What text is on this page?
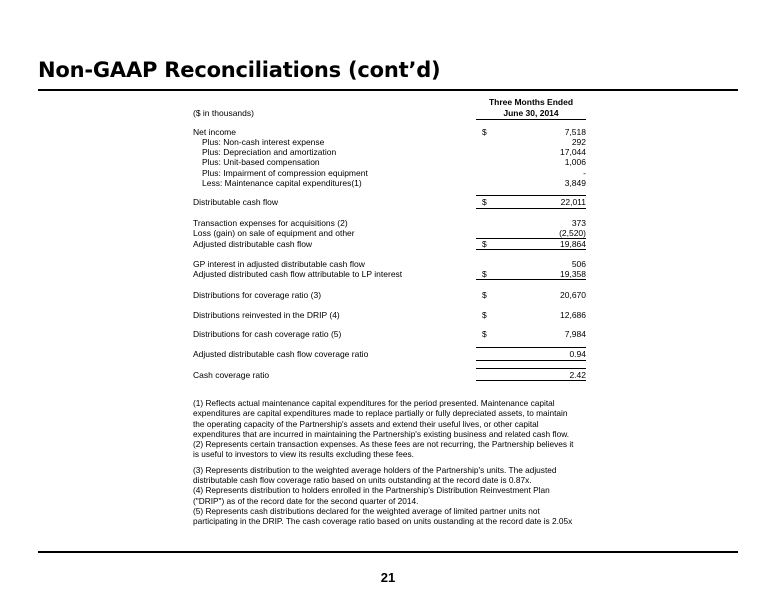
Non-GAAP Reconciliations (cont’d)
Three Months Ended
June 30, 2014
($ in thousands)
Net income	$	7,518
Plus: Non-cash interest expense	292
Plus: Depreciation and amortization	17,044
Plus: Unit-based compensation	1,006
Plus: Impairment of compression equipment	-
Less: Maintenance capital expenditures(1)	3,849
Distributable cash flow	$	22,011
Transaction expenses for acquisitions (2)	373
Loss (gain) on sale of equipment and other	(2,520)
Adjusted distributable cash flow	$	19,864
GP interest in adjusted distributable cash flow	506
Adjusted distributed cash flow attributable to LP interest	$	19,358
Distributions for coverage ratio (3)	$	20,670
Distributions reinvested in the DRIP (4)	$	12,686
Distributions for cash coverage ratio (5)	$	7,984
Adjusted distributable cash flow coverage ratio	0.94
Cash coverage ratio	2.42

(1) Reflects actual maintenance capital expenditures for the period presented. Maintenance capital expenditures are capital expenditures made to replace partially or fully depreciated assets, to maintain the operating capacity of the Partnership's assets and extend their useful lives, or other capital expenditures that are incurred in maintaining the Partnership's existing business and related cash flow.

(2) Represents certain transaction expenses. As these fees are not recurring, the Partnership believes it is useful to investors to view its results excluding these fees.

(3) Represents distribution to the weighted average holders of the Partnership's units. The adjusted distributable cash flow coverage ratio based on units outstanding at the record date is 0.87x.

(4) Represents distribution to holders enrolled in the Partnership's Distribution Reinvestment Plan ("DRIP") as of the record date for the second quarter of 2014.

(5) Represents cash distributions declared for the weighted average of limited partner units not participating in the DRIP. The cash coverage ratio based on units oustanding at the record date is 2.05x

21
